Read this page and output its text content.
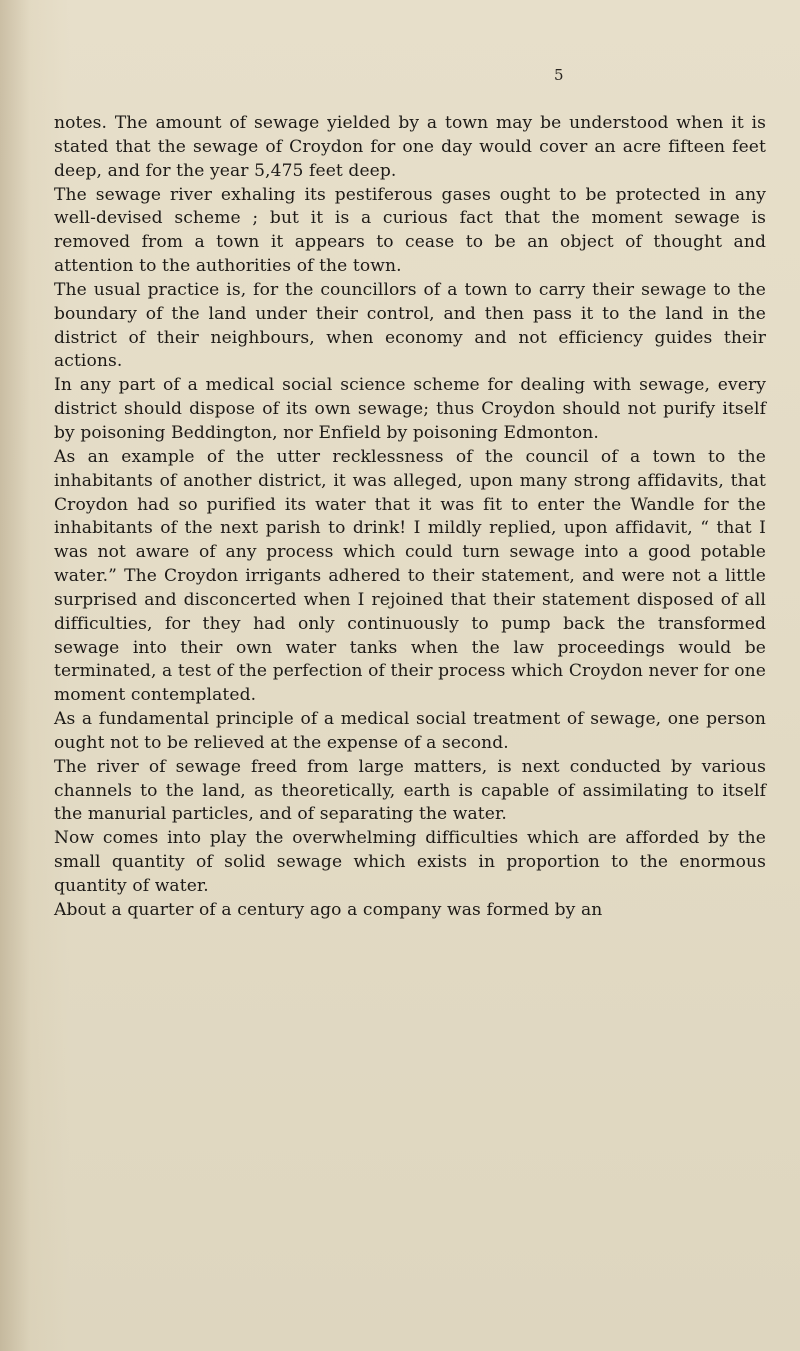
5

notes. The amount of sewage yielded by a town may be understood when it is stated that the sewage of Croydon for one day would cover an acre fifteen feet deep, and for the year 5,475 feet deep.

The sewage river exhaling its pestiferous gases ought to be protected in any well-devised scheme ; but it is a curious fact that the moment sewage is removed from a town it appears to cease to be an object of thought and attention to the authorities of the town.

The usual practice is, for the councillors of a town to carry their sewage to the boundary of the land under their control, and then pass it to the land in the district of their neighbours, when economy and not efficiency guides their actions.

In any part of a medical social science scheme for dealing with sewage, every district should dispose of its own sewage; thus Croydon should not purify itself by poisoning Beddington, nor Enfield by poisoning Edmonton.

As an example of the utter recklessness of the council of a town to the inhabitants of another district, it was alleged, upon many strong affidavits, that Croydon had so purified its water that it was fit to enter the Wandle for the inhabitants of the next parish to drink! I mildly replied, upon affidavit, “ that I was not aware of any process which could turn sewage into a good potable water.” The Croydon irrigants adhered to their statement, and were not a little surprised and disconcerted when I rejoined that their statement disposed of all difficulties, for they had only continuously to pump back the transformed sewage into their own water tanks when the law proceedings would be terminated, a test of the perfection of their process which Croydon never for one moment contemplated.

As a fundamental principle of a medical social treatment of sewage, one person ought not to be relieved at the expense of a second.

The river of sewage freed from large matters, is next conducted by various channels to the land, as theoretically, earth is capable of assimilating to itself the manurial particles, and of separating the water.

Now comes into play the overwhelming difficulties which are afforded by the small quantity of solid sewage which exists in proportion to the enormous quantity of water.

About a quarter of a century ago a company was formed by an
